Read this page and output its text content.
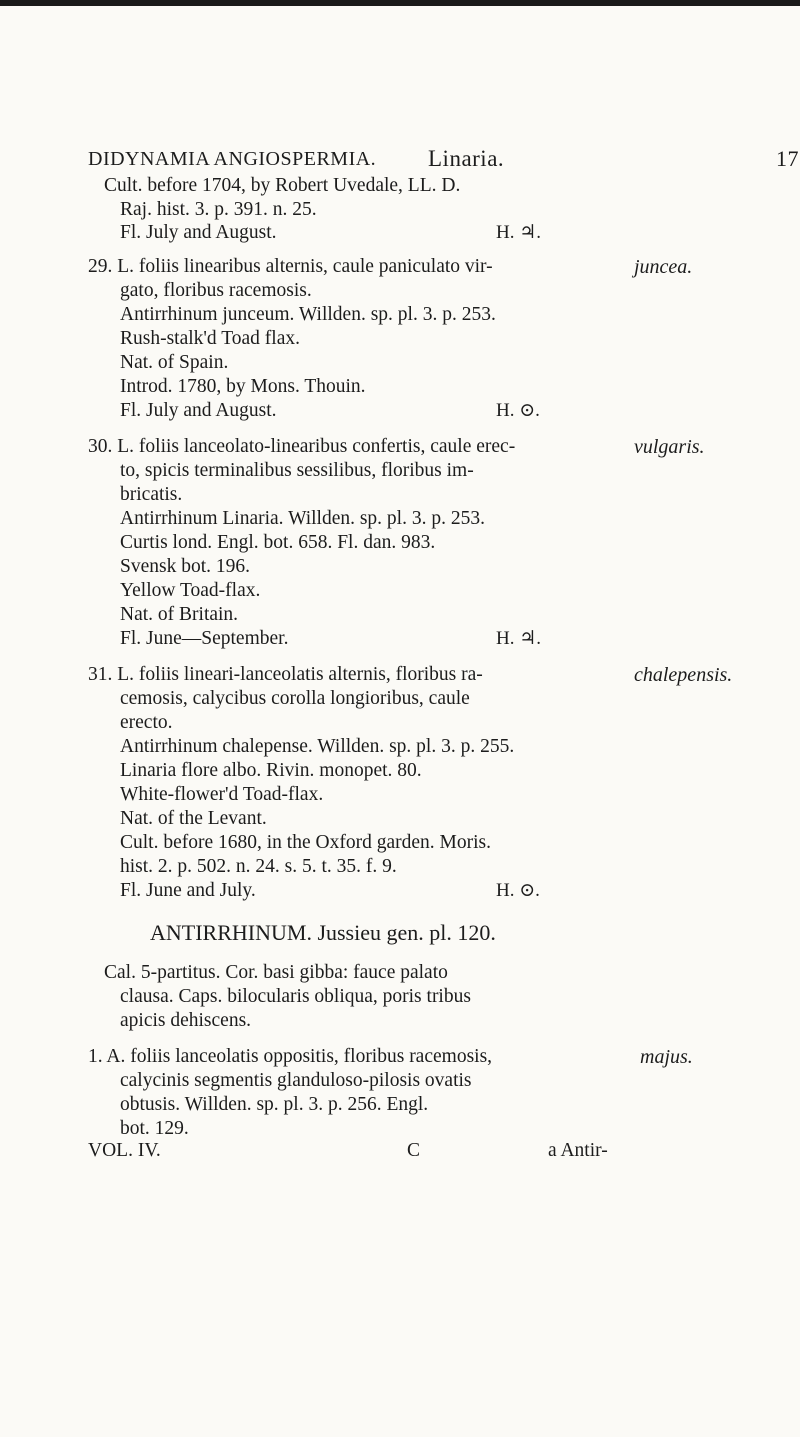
DIDYNAMIA ANGIOSPERMIA. Linaria.	17
Cult. before 1704, by Robert Uvedale, LL. D.
Raj. hist. 3. p. 391. n. 25.
Fl. July and August.	H. ♃.
29. L. foliis linearibus alternis, caule paniculato vir-	juncea.
gato, floribus racemosis.
Antirrhinum junceum. Willden. sp. pl. 3. p. 253.
Rush-stalk'd Toad flax.
Nat. of Spain.
Introd. 1780, by Mons. Thouin.
Fl. July and August.	H. ⊙.
30. L. foliis lanceolato-linearibus confertis, caule erec-	vulgaris.
to, spicis terminalibus sessilibus, floribus im-
bricatis.
Antirrhinum Linaria. Willden. sp. pl. 3. p. 253.
Curtis lond. Engl. bot. 658. Fl. dan. 983.
Svensk bot. 196.
Yellow Toad-flax.
Nat. of Britain.
Fl. June—September.	H. ♃.
31. L. foliis lineari-lanceolatis alternis, floribus ra-	chalepensis.
cemosis, calycibus corolla longioribus, caule
erecto.
Antirrhinum chalepense. Willden. sp. pl. 3. p. 255.
Linaria flore albo. Rivin. monopet. 80.
White-flower'd Toad-flax.
Nat. of the Levant.
Cult. before 1680, in the Oxford garden. Moris.
hist. 2. p. 502. n. 24. s. 5. t. 35. f. 9.
Fl. June and July.	H. ⊙.
ANTIRRHINUM. Jussieu gen. pl. 120.
Cal. 5-partitus. Cor. basi gibba: fauce palato
clausa. Caps. bilocularis obliqua, poris tribus
apicis dehiscens.
1. A. foliis lanceolatis oppositis, floribus racemosis,	majus.
calycinis segmentis glanduloso-pilosis ovatis
obtusis. Willden. sp. pl. 3. p. 256. Engl.
bot. 129.
VOL. IV.	C	a Antir-
